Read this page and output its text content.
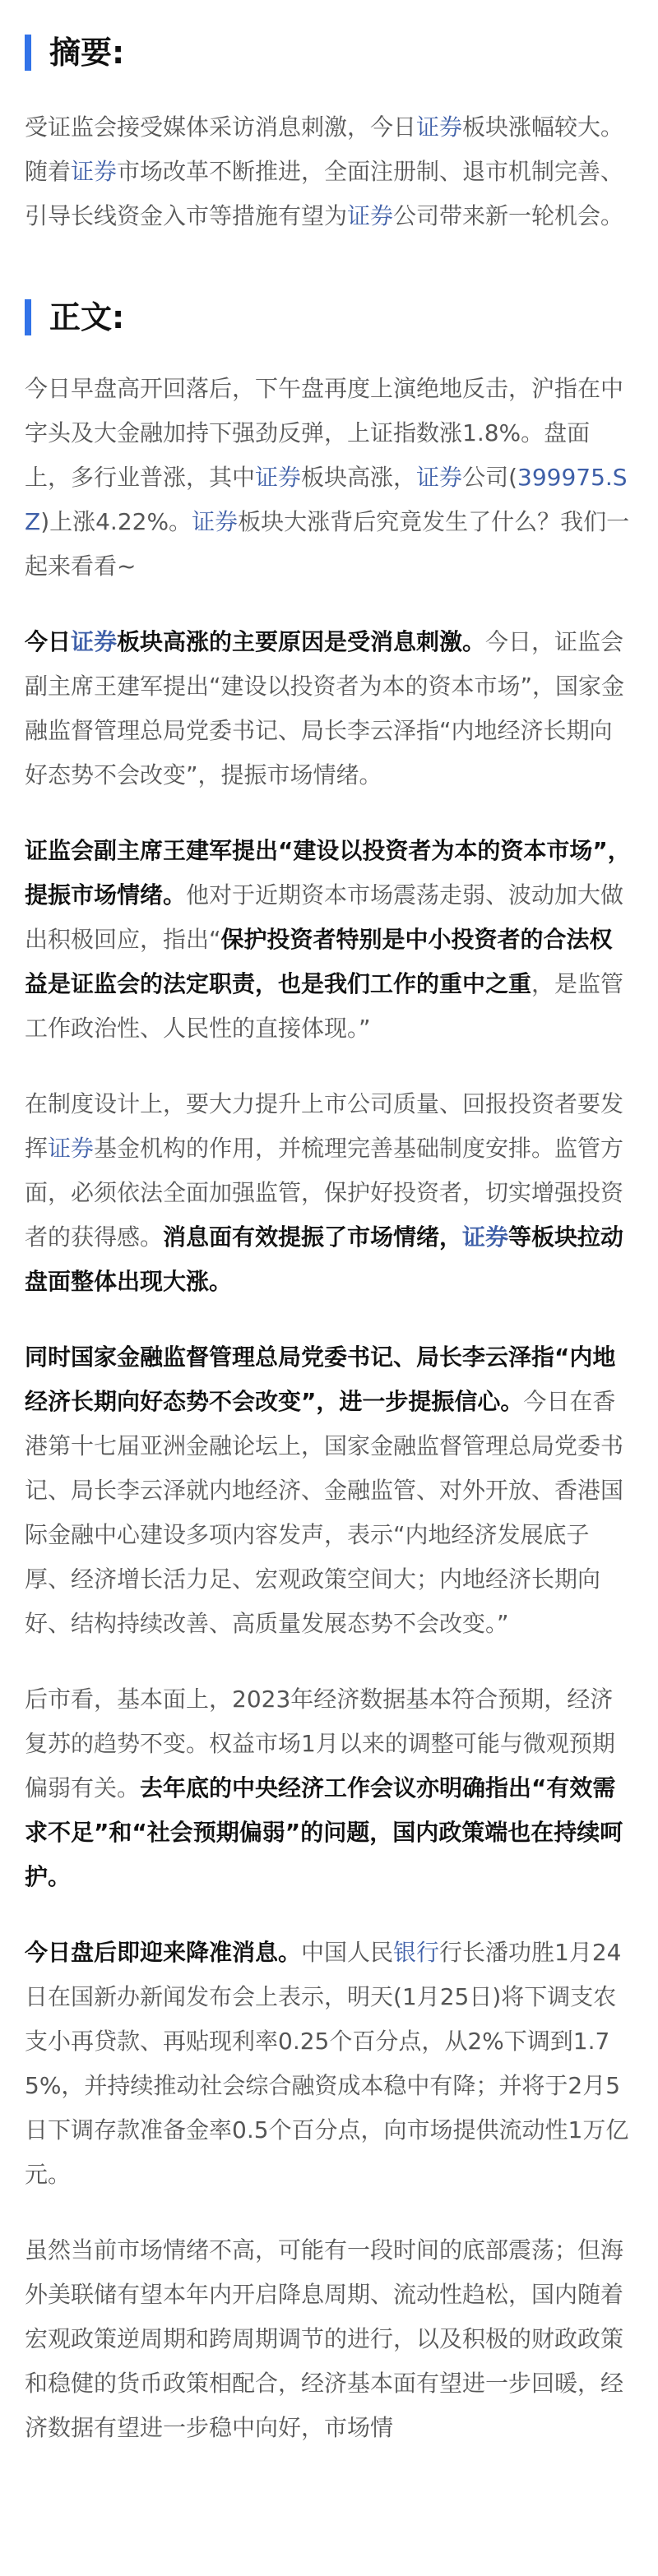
摘要:

受证监会接受媒体采访消息刺激，今日证券板块涨幅较大。随着证券市场改革不断推进，全面注册制、退市机制完善、引导长线资金入市等措施有望为证券公司带来新一轮机会。

正文:

今日早盘高开回落后，下午盘再度上演绝地反击，沪指在中字头及大金融加持下强劲反弹，上证指数涨1.8%。盘面上，多行业普涨，其中证券板块高涨，证券公司(399975.SZ)上涨4.22%。证券板块大涨背后究竟发生了什么？我们一起来看看~

今日证券板块高涨的主要原因是受消息刺激。今日，证监会副主席王建军提出“建设以投资者为本的资本市场”，国家金融监督管理总局党委书记、局长李云泽指“内地经济长期向好态势不会改变”，提振市场情绪。

证监会副主席王建军提出“建设以投资者为本的资本市场”，提振市场情绪。他对于近期资本市场震荡走弱、波动加大做出积极回应，指出“保护投资者特别是中小投资者的合法权益是证监会的法定职责，也是我们工作的重中之重，是监管工作政治性、人民性的直接体现。”

在制度设计上，要大力提升上市公司质量、回报投资者要发挥证券基金机构的作用，并梳理完善基础制度安排。监管方面，必须依法全面加强监管，保护好投资者，切实增强投资者的获得感。消息面有效提振了市场情绪，证券等板块拉动盘面整体出现大涨。

同时国家金融监督管理总局党委书记、局长李云泽指“内地经济长期向好态势不会改变”，进一步提振信心。今日在香港第十七届亚洲金融论坛上，国家金融监督管理总局党委书记、局长李云泽就内地经济、金融监管、对外开放、香港国际金融中心建设多项内容发声，表示“内地经济发展底子厚、经济增长活力足、宏观政策空间大；内地经济长期向好、结构持续改善、高质量发展态势不会改变。”

后市看，基本面上，2023年经济数据基本符合预期，经济复苏的趋势不变。权益市场1月以来的调整可能与微观预期偏弱有关。去年底的中央经济工作会议亦明确指出“有效需求不足”和“社会预期偏弱”的问题，国内政策端也在持续呵护。

今日盘后即迎来降准消息。中国人民银行行长潘功胜1月24日在国新办新闻发布会上表示，明天(1月25日)将下调支农支小再贷款、再贴现利率0.25个百分点，从2%下调到1.75%，并持续推动社会综合融资成本稳中有降；并将于2月5日下调存款准备金率0.5个百分点，向市场提供流动性1万亿元。

虽然当前市场情绪不高，可能有一段时间的底部震荡；但海外美联储有望本年内开启降息周期、流动性趋松，国内随着宏观政策逆周期和跨周期调节的进行，以及积极的财政政策和稳健的货币政策相配合，经济基本面有望进一步回暖，经济数据有望进一步稳中向好，市场情
